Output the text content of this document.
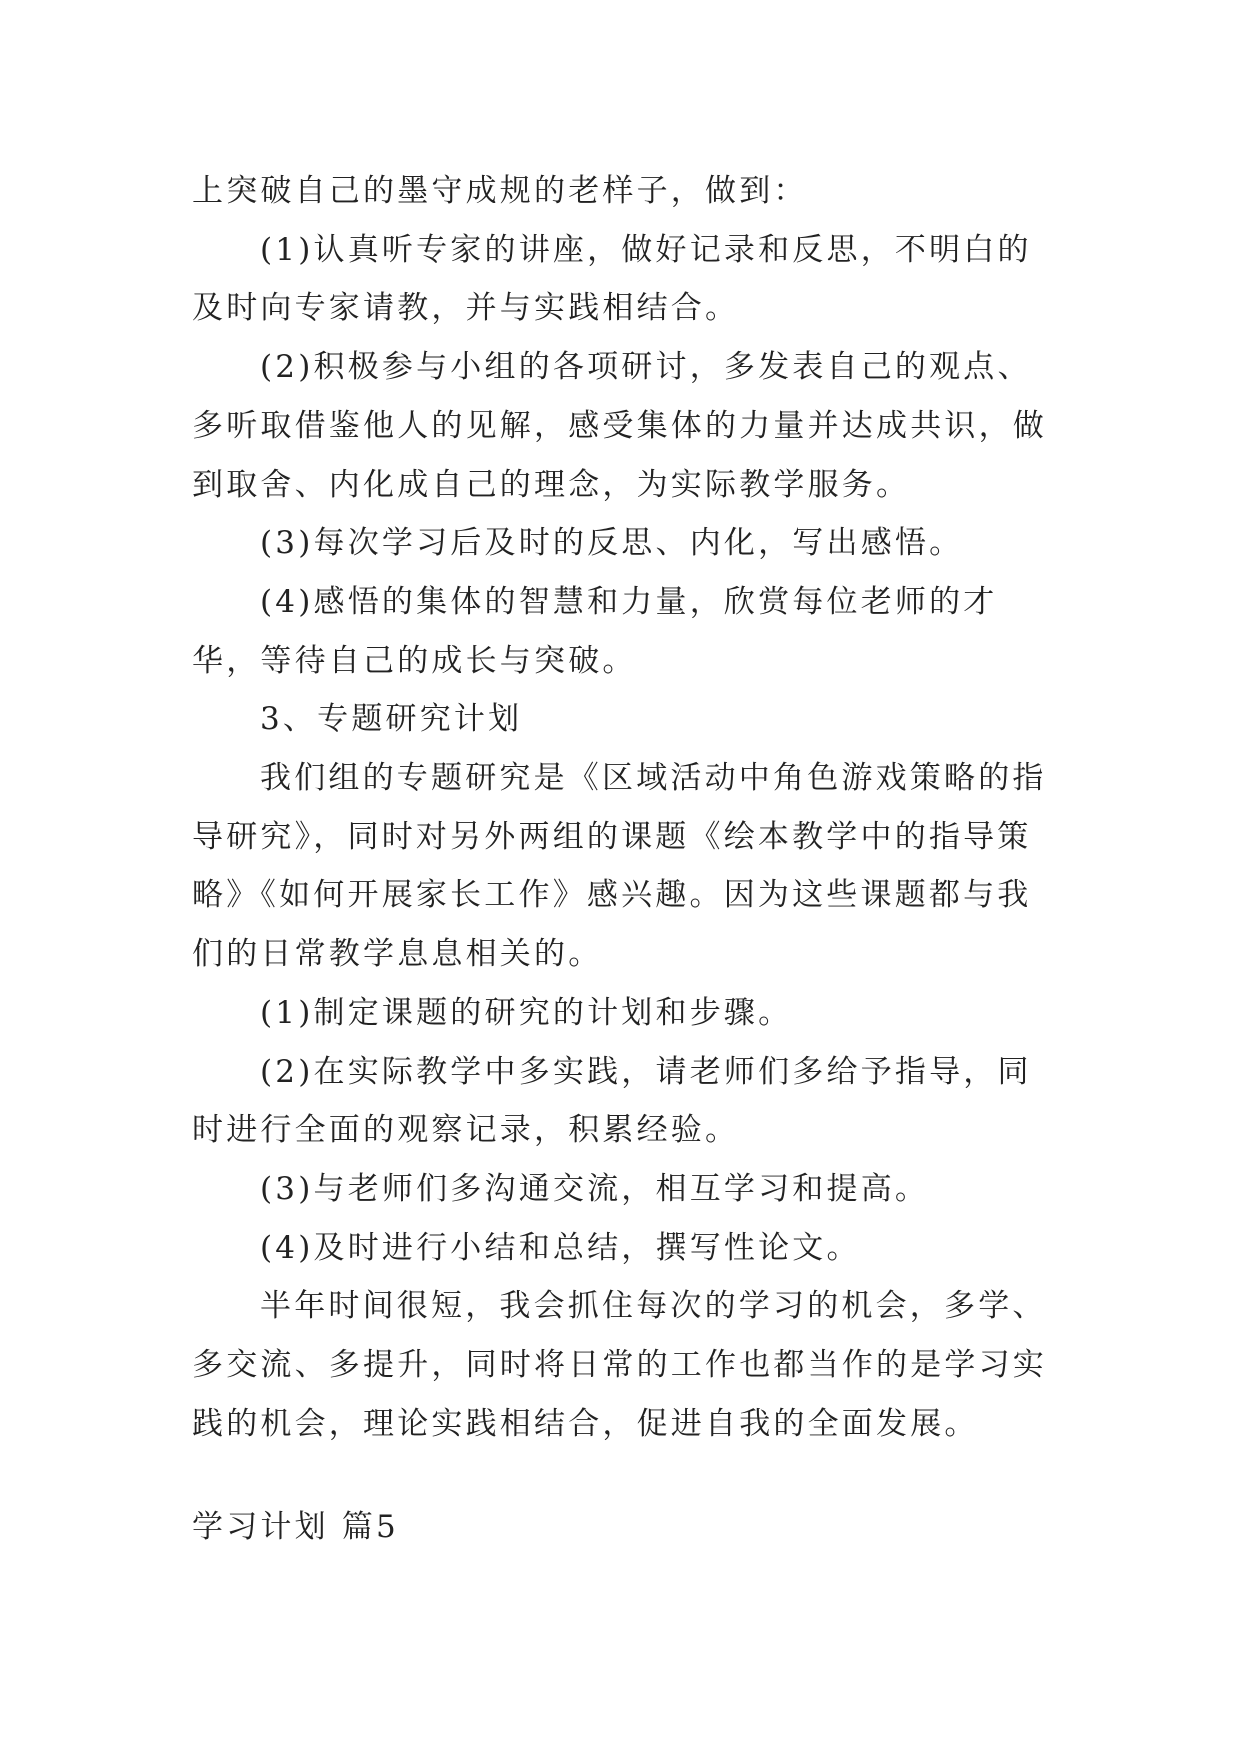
上突破自己的墨守成规的老样子，做到：

(1)认真听专家的讲座，做好记录和反思，不明白的及时向专家请教，并与实践相结合。

(2)积极参与小组的各项研讨，多发表自己的观点、多听取借鉴他人的见解，感受集体的力量并达成共识，做到取舍、内化成自己的理念，为实际教学服务。

(3)每次学习后及时的反思、内化，写出感悟。

(4)感悟的集体的智慧和力量，欣赏每位老师的才华，等待自己的成长与突破。

3、专题研究计划

我们组的专题研究是《区域活动中角色游戏策略的指导研究》，同时对另外两组的课题《绘本教学中的指导策略》《如何开展家长工作》感兴趣。因为这些课题都与我们的日常教学息息相关的。

(1)制定课题的研究的计划和步骤。

(2)在实际教学中多实践，请老师们多给予指导，同时进行全面的观察记录，积累经验。

(3)与老师们多沟通交流，相互学习和提高。

(4)及时进行小结和总结，撰写性论文。

半年时间很短，我会抓住每次的学习的机会，多学、多交流、多提升，同时将日常的工作也都当作的是学习实践的机会，理论实践相结合，促进自我的全面发展。

学习计划 篇5
